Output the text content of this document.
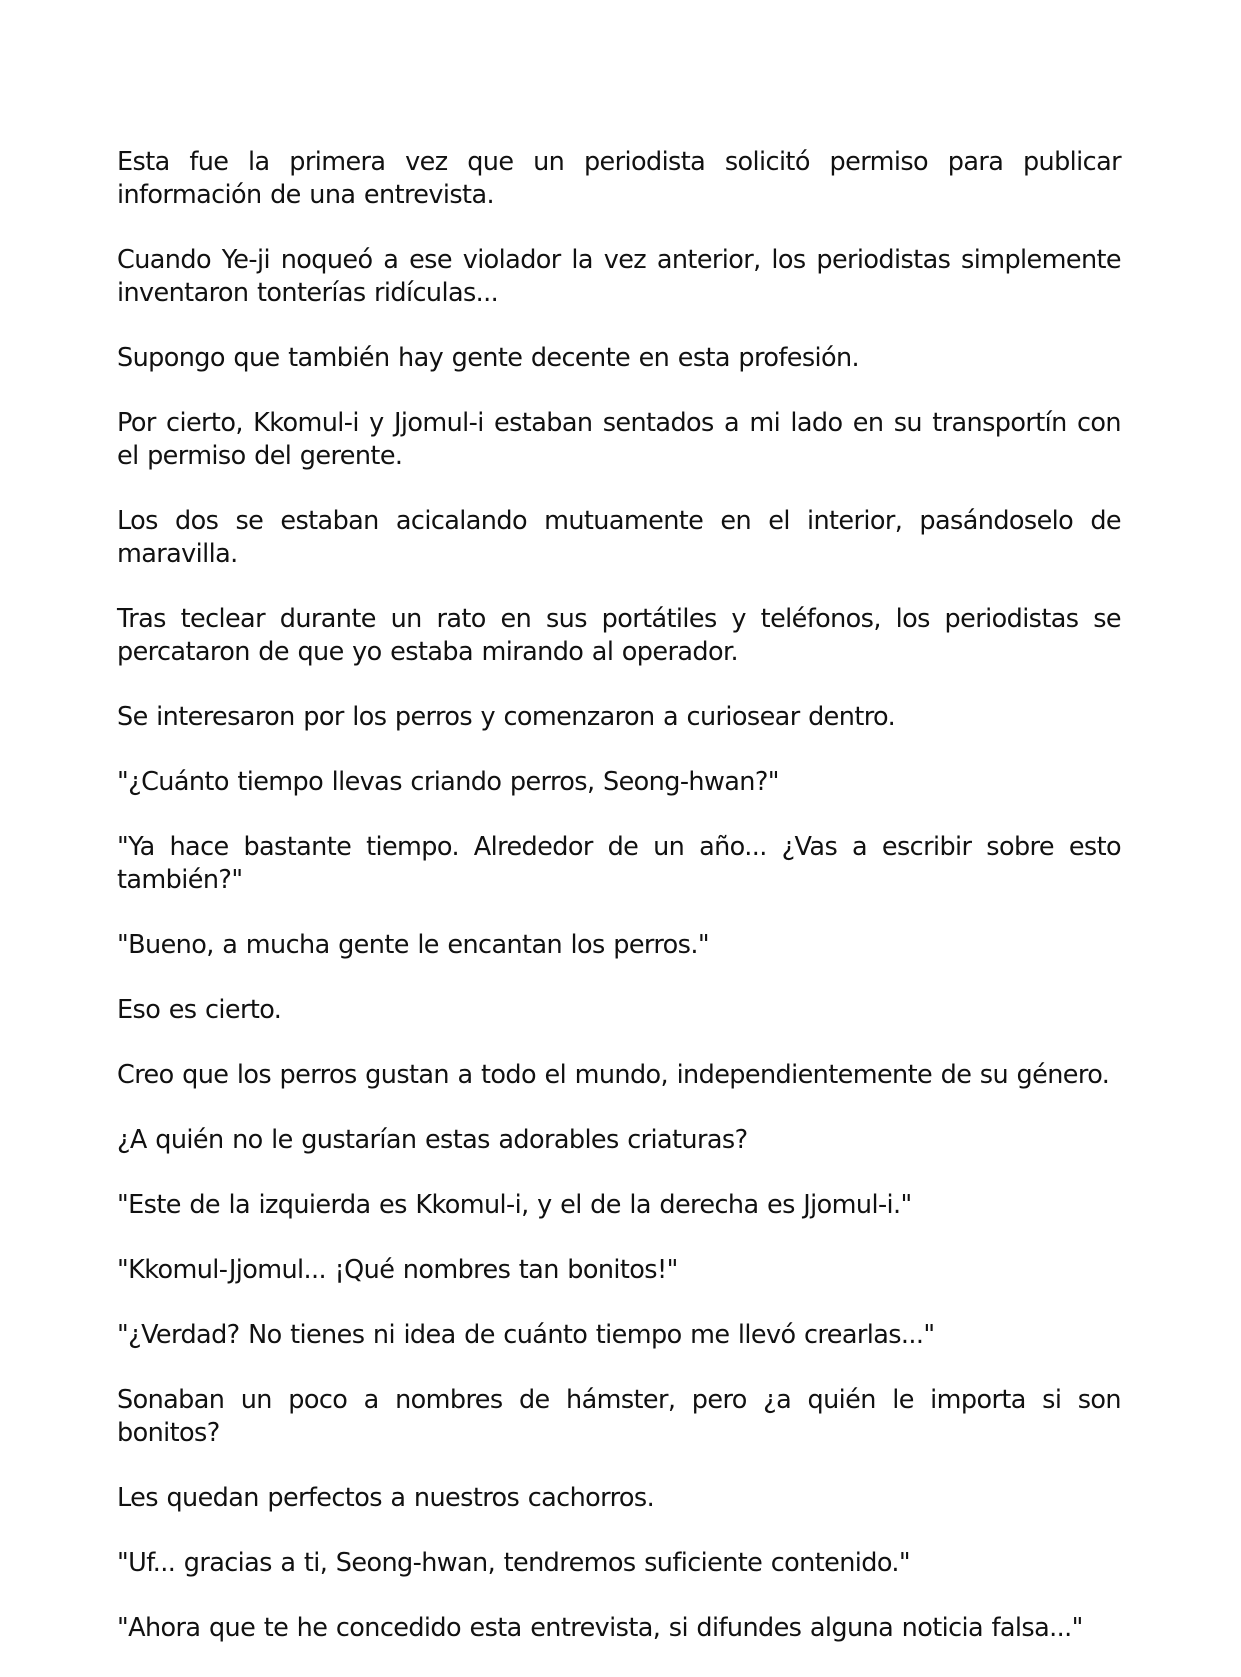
Esta fue la primera vez que un periodista solicitó permiso para publicar información de una entrevista.

Cuando Ye-ji noqueó a ese violador la vez anterior, los periodistas simplemente inventaron tonterías ridículas...

Supongo que también hay gente decente en esta profesión.

Por cierto, Kkomul-i y Jjomul-i estaban sentados a mi lado en su transportín con el permiso del gerente.

Los dos se estaban acicalando mutuamente en el interior, pasándoselo de maravilla.

Tras teclear durante un rato en sus portátiles y teléfonos, los periodistas se percataron de que yo estaba mirando al operador.

Se interesaron por los perros y comenzaron a curiosear dentro.

"¿Cuánto tiempo llevas criando perros, Seong-hwan?"

"Ya hace bastante tiempo. Alrededor de un año... ¿Vas a escribir sobre esto también?"

"Bueno, a mucha gente le encantan los perros."

Eso es cierto.

Creo que los perros gustan a todo el mundo, independientemente de su género.

¿A quién no le gustarían estas adorables criaturas?

"Este de la izquierda es Kkomul-i, y el de la derecha es Jjomul-i."

"Kkomul-Jjomul... ¡Qué nombres tan bonitos!"

"¿Verdad? No tienes ni idea de cuánto tiempo me llevó crearlas..."

Sonaban un poco a nombres de hámster, pero ¿a quién le importa si son bonitos?

Les quedan perfectos a nuestros cachorros.

"Uf... gracias a ti, Seong-hwan, tendremos suficiente contenido."

"Ahora que te he concedido esta entrevista, si difundes alguna noticia falsa..."
